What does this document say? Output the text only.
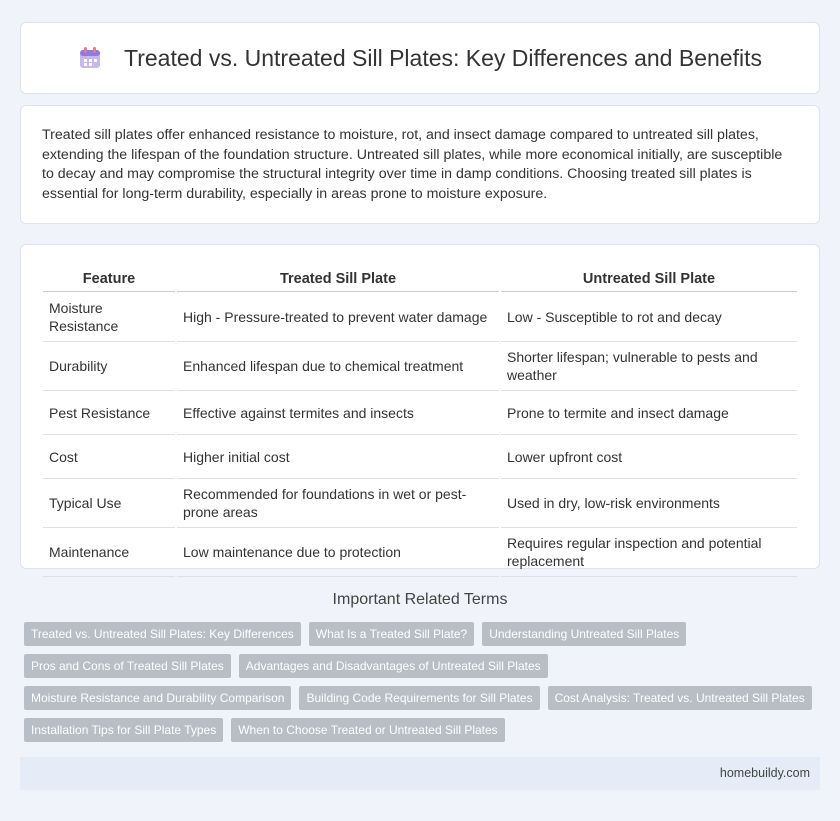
Treated vs. Untreated Sill Plates: Key Differences and Benefits

Treated sill plates offer enhanced resistance to moisture, rot, and insect damage compared to untreated sill plates, extending the lifespan of the foundation structure. Untreated sill plates, while more economical initially, are susceptible to decay and may compromise the structural integrity over time in damp conditions. Choosing treated sill plates is essential for long-term durability, especially in areas prone to moisture exposure.

Feature	Treated Sill Plate	Untreated Sill Plate
Moisture Resistance	High - Pressure-treated to prevent water damage	Low - Susceptible to rot and decay
Durability	Enhanced lifespan due to chemical treatment	Shorter lifespan; vulnerable to pests and weather
Pest Resistance	Effective against termites and insects	Prone to termite and insect damage
Cost	Higher initial cost	Lower upfront cost
Typical Use	Recommended for foundations in wet or pest-prone areas	Used in dry, low-risk environments
Maintenance	Low maintenance due to protection	Requires regular inspection and potential replacement
Important Related Terms
Treated vs. Untreated Sill Plates: Key Differences What Is a Treated Sill Plate? Understanding Untreated Sill Plates
Pros and Cons of Treated Sill Plates Advantages and Disadvantages of Untreated Sill Plates
Moisture Resistance and Durability Comparison Building Code Requirements for Sill Plates Cost Analysis: Treated vs. Untreated Sill Plates
Installation Tips for Sill Plate Types When to Choose Treated or Untreated Sill Plates
homebuildy.com
